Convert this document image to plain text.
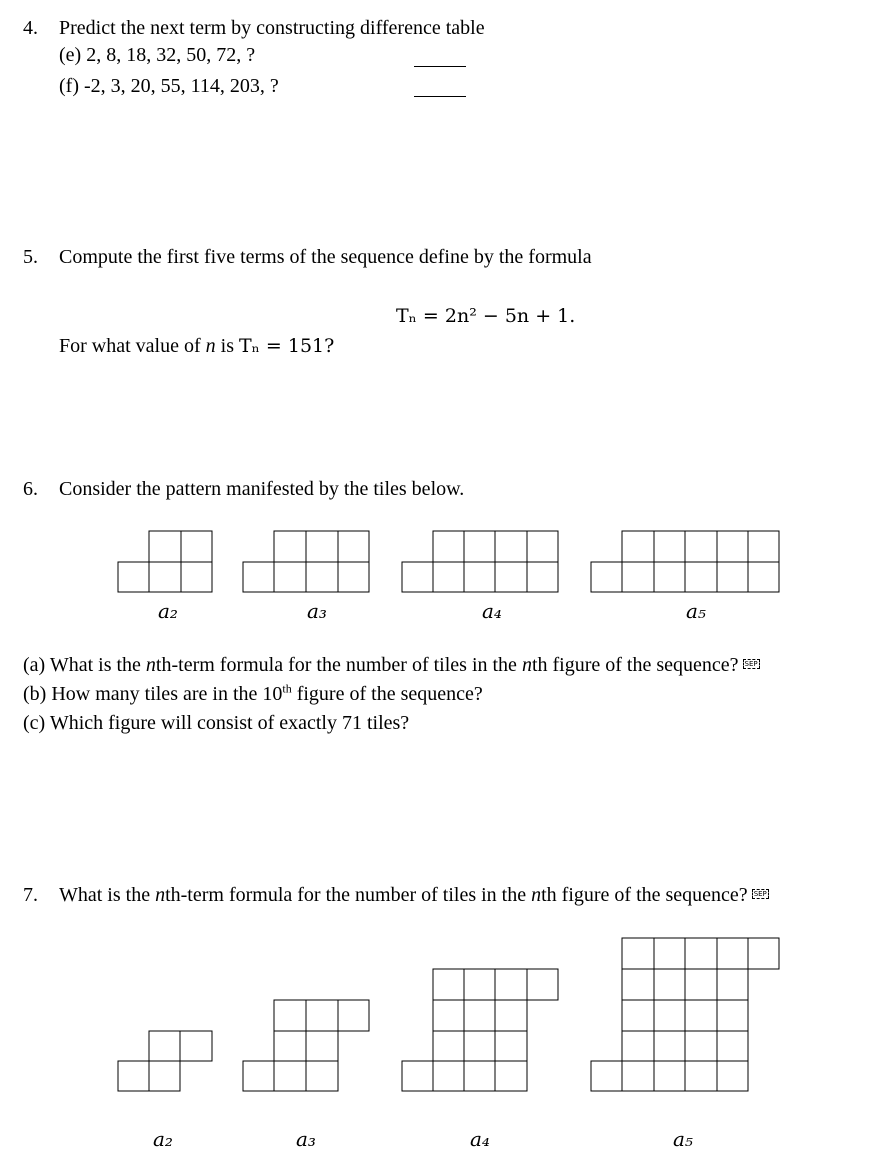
4. Predict the next term by constructing difference table
(e) 2, 8, 18, 32, 50, 72, ?
(f) -2, 3, 20, 55, 114, 203, ?
5. Compute the first five terms of the sequence define by the formula
Tₙ = 2n² − 5n + 1.
For what value of n is Tₙ = 151?
6. Consider the pattern manifested by the tiles below.
a₂	a₃	a₄	a₅
(a) What is the nth-term formula for the number of tiles in the nth figure of the sequence? SEP
(b) How many tiles are in the 10th figure of the sequence?
(c) Which figure will consist of exactly 71 tiles?
7. What is the nth-term formula for the number of tiles in the nth figure of the sequence? SEP
a₂	a₃	a₄	a₅
